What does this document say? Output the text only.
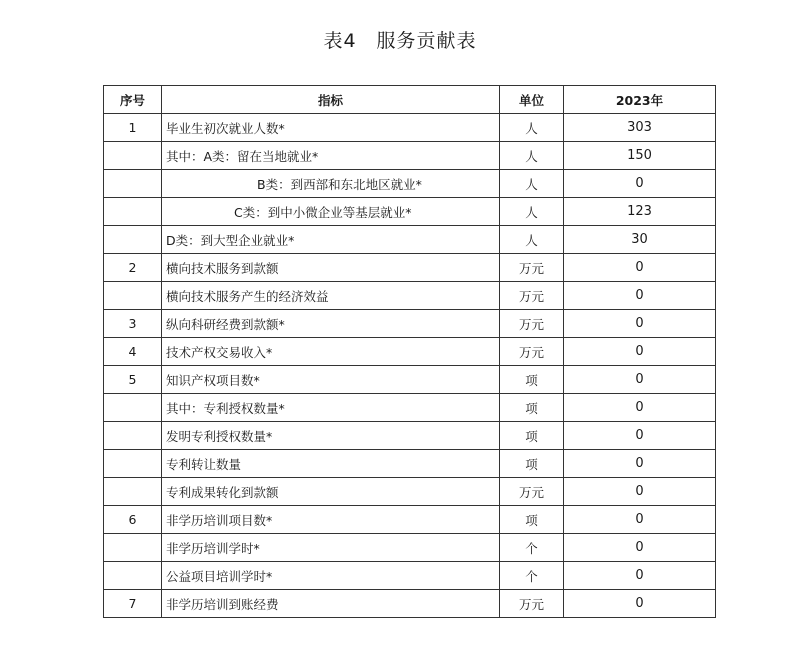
表4　服务贡献表
序号	指标	单位	2023年
1	毕业生初次就业人数*	人	303
	其中：A类：留在当地就业*	人	150
	B类：到西部和东北地区就业*	人	0
	C类：到中小微企业等基层就业*	人	123
	D类：到大型企业就业*	人	30
2	横向技术服务到款额	万元	0
	横向技术服务产生的经济效益	万元	0
3	纵向科研经费到款额*	万元	0
4	技术产权交易收入*	万元	0
5	知识产权项目数*	项	0
	其中：专利授权数量*	项	0
	发明专利授权数量*	项	0
	专利转让数量	项	0
	专利成果转化到款额	万元	0
6	非学历培训项目数*	项	0
	非学历培训学时*	个	0
	公益项目培训学时*	个	0
7	非学历培训到账经费	万元	0
